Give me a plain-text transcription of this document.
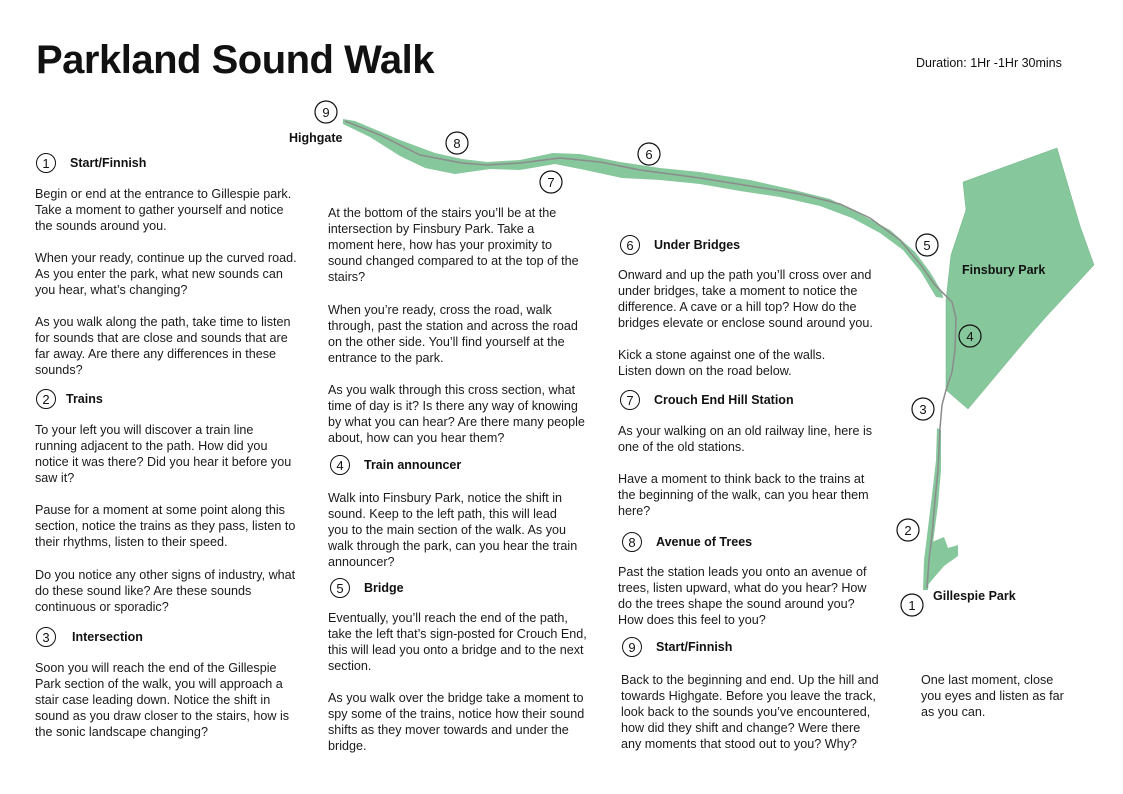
Parkland Sound Walk	Duration: 1Hr -1Hr 30mins
Highgate
Finsbury Park
Gillespie Park
9
8
7
6
5
4
3
2
1
1	Start/Finnish

Begin or end at the entrance to Gillespie park.
Take a moment to gather yourself and notice
the sounds around you.

When your ready, continue up the curved road.
As you enter the park, what new sounds can
you hear, what’s changing?

As you walk along the path, take time to listen
for sounds that are close and sounds that are
far away. Are there any differences in these
sounds?

2	Trains

To your left you will discover a train line
running adjacent to the path. How did you
notice it was there? Did you hear it before you
saw it?

Pause for a moment at some point along this
section, notice the trains as they pass, listen to
their rhythms, listen to their speed.

Do you notice any other signs of industry, what
do these sound like? Are these sounds
continuous or sporadic?

3	Intersection

Soon you will reach the end of the Gillespie
Park section of the walk, you will approach a
stair case leading down. Notice the shift in
sound as you draw closer to the stairs, how is
the sonic landscape changing?

At the bottom of the stairs you’ll be at the
intersection by Finsbury Park. Take a
moment here, how has your proximity to
sound changed compared to at the top of the
stairs?

When you’re ready, cross the road, walk
through, past the station and across the road
on the other side. You’ll find yourself at the
entrance to the park.

As you walk through this cross section, what
time of day is it? Is there any way of knowing
by what you can hear? Are there many people
about, how can you hear them?

4	Train announcer

Walk into Finsbury Park, notice the shift in
sound. Keep to the left path, this will lead
you to the main section of the walk. As you
walk through the park, can you hear the train
announcer?

5	Bridge

Eventually, you’ll reach the end of the path,
take the left that’s sign-posted for Crouch End,
this will lead you onto a bridge and to the next
section.

As you walk over the bridge take a moment to
spy some of the trains, notice how their sound
shifts as they mover towards and under the
bridge.

6	Under Bridges

Onward and up the path you’ll cross over and
under bridges, take a moment to notice the
difference. A cave or a hill top? How do the
bridges elevate or enclose sound around you.

Kick a stone against one of the walls.
Listen down on the road below.

7	Crouch End Hill Station

As your walking on an old railway line, here is
one of the old stations.

Have a moment to think back to the trains at
the beginning of the walk, can you hear them
here?

8	Avenue of Trees

Past the station leads you onto an avenue of
trees, listen upward, what do you hear? How
do the trees shape the sound around you?
How does this feel to you?

9	Start/Finnish

Back to the beginning and end. Up the hill and
towards Highgate. Before you leave the track,
look back to the sounds you’ve encountered,
how did they shift and change? Were there
any moments that stood out to you? Why?

One last moment, close
you eyes and listen as far
as you can.
